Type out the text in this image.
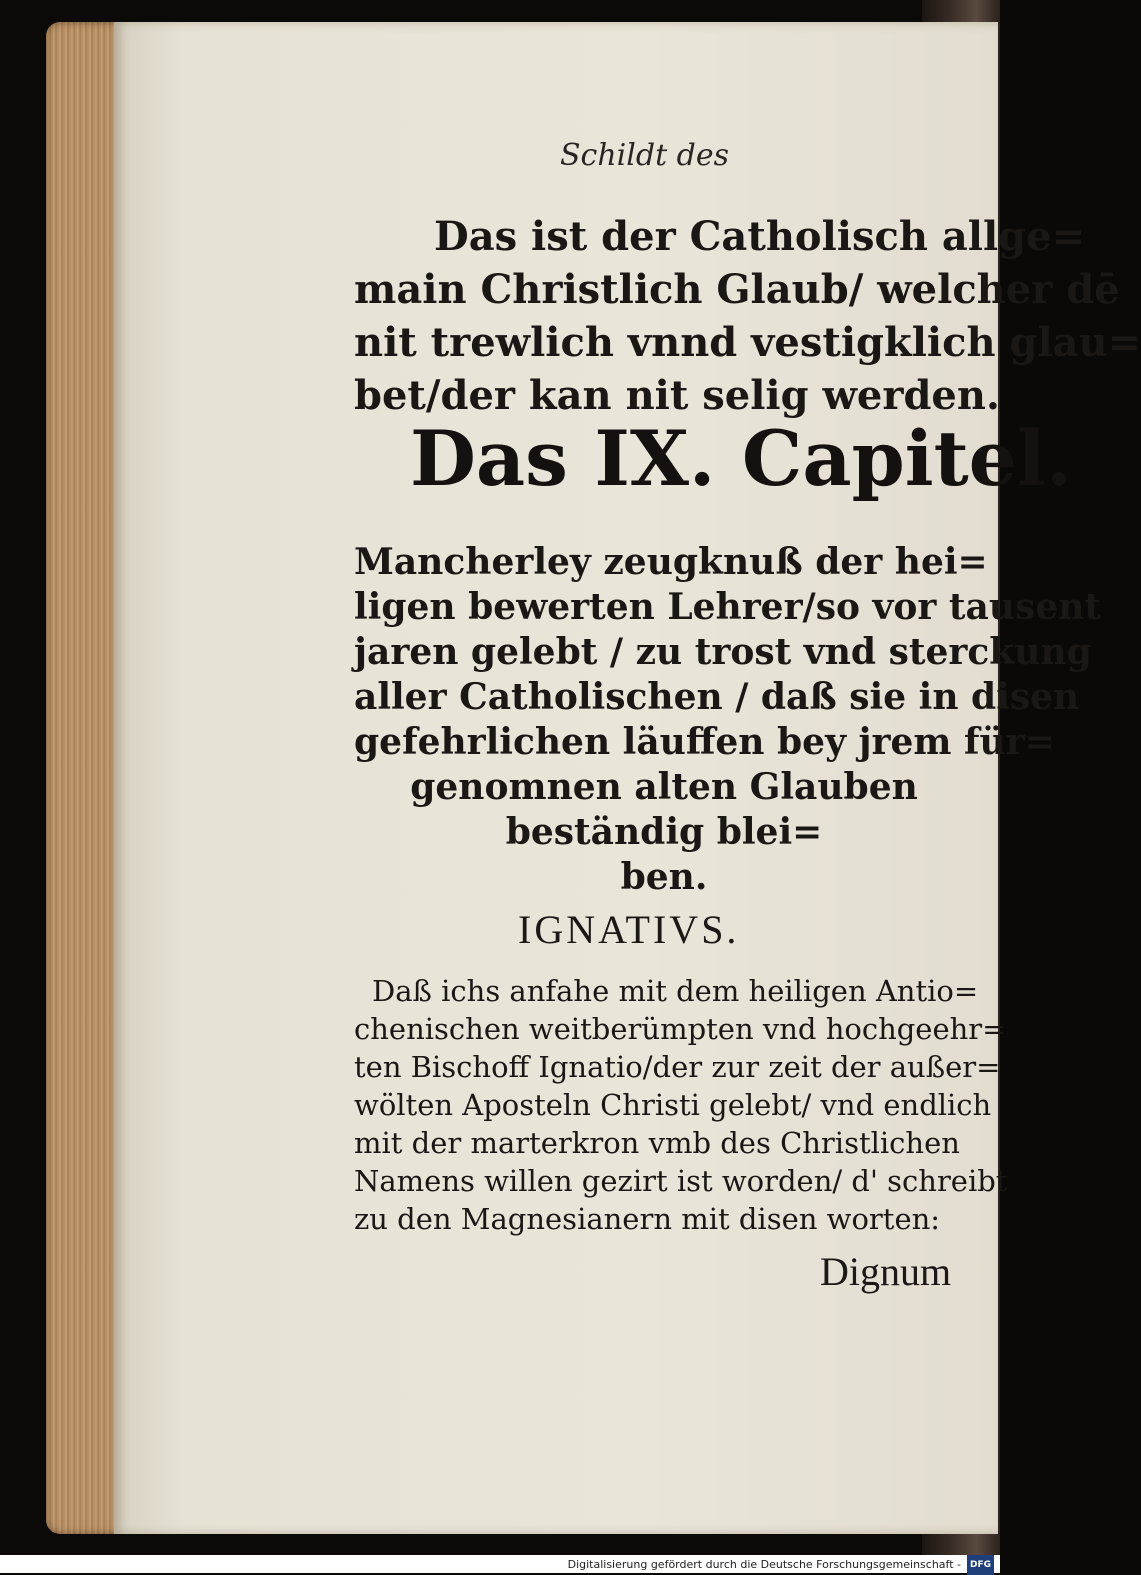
Schildt des
Das ist der Catholisch allge=
main Christlich Glaub/ welcher dē
nit trewlich vnnd vestigklich glau=
bet/der kan nit selig werden.
Das IX. Capitel.
Mancherley zeugknuß der hei=
ligen bewerten Lehrer/so vor tausent
jaren gelebt / zu trost vnd sterckung
aller Catholischen / daß sie in disen
gefehrlichen läuffen bey jrem für=
genomnen alten Glauben
beständig blei=
ben.
IGNATIVS.
Daß ichs anfahe mit dem heiligen Antio=
chenischen weitberümpten vnd hochgeehr=
ten Bischoff Ignatio/der zur zeit der außer=
wölten Aposteln Christi gelebt/ vnd endlich
mit der marterkron vmb des Christlichen
Namens willen gezirt ist worden/ d' schreibt
zu den Magnesianern mit disen worten:
Dignum
Digitalisierung gefördert durch die Deutsche Forschungsgemeinschaft - DFG
